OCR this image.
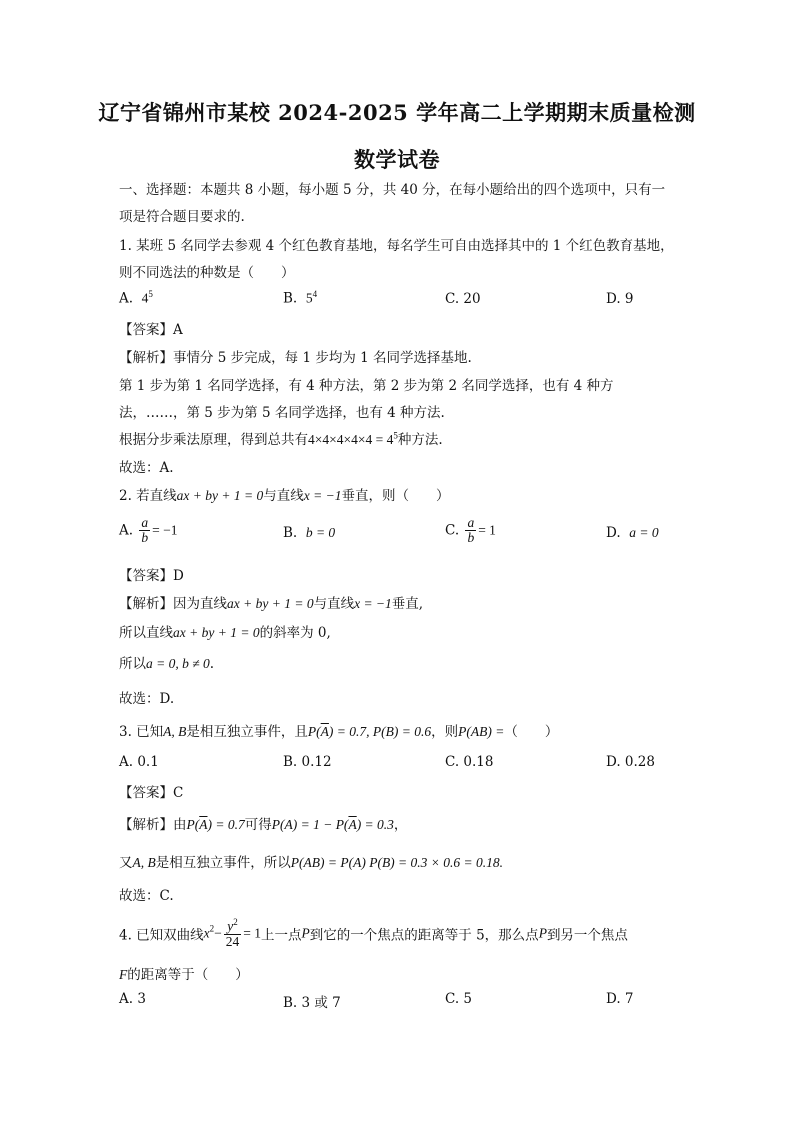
辽宁省锦州市某校 2024-2025 学年高二上学期期末质量检测
数学试卷
一、选择题：本题共 8 小题，每小题 5 分，共 40 分，在每小题给出的四个选项中，只有一
项是符合题目要求的.
1. 某班 5 名同学去参观 4 个红色教育基地，每名学生可自由选择其中的 1 个红色教育基地，
则不同选法的种数是（　　）
A. $4^5$	B. $5^4$	C. 20	D. 9
【答案】A
【解析】事情分 5 步完成，每 1 步均为 1 名同学选择基地.
第 1 步为第 1 名同学选择，有 4 种方法，第 2 步为第 2 名同学选择，也有 4 种方
法，……，第 5 步为第 5 名同学选择，也有 4 种方法.
根据分步乘法原理，得到总共有$4\times 4\times 4\times 4\times 4 = 4^5$种方法.
故选：A.
2. 若直线ax + by + 1 = 0与直线x = −1垂直，则（　　）
A. $\frac{a}{b} = -1$	B. b = 0	C. $\frac{a}{b} = 1$	D. a = 0
【答案】D
【解析】因为直线ax + by + 1 = 0与直线x = −1垂直,
所以直线ax + by + 1 = 0的斜率为 0,
所以a = 0, b ≠ 0.
故选：D.
3. 已知A, B是相互独立事件，且$P(\overline{A}) = 0.7$, P(B) = 0.6，则P(AB) =（　　）
A. 0.1	B. 0.12	C. 0.18	D. 0.28
【答案】C
【解析】由$P(\overline{A}) = 0.7$可得$P(A) = 1 - P(\overline{A}) = 0.3$，
又A, B是相互独立事件，所以P(AB) = P(A) P(B) = 0.3 × 0.6 = 0.18.
故选：C.
4. 已知双曲线$x^2- \frac{y^2}{24} = 1$上一点P到它的一个焦点的距离等于 5，那么点P到另一个焦点
F的距离等于（　　）
A. 3	B. 3 或 7	C. 5	D. 7
